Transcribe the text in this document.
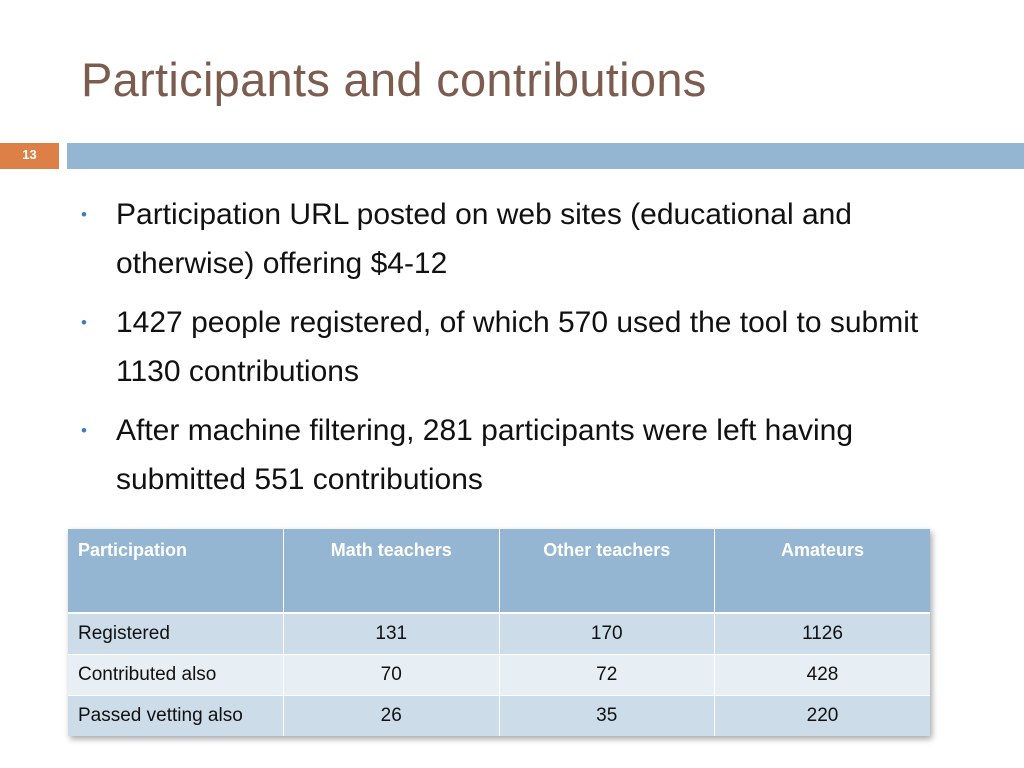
Participants and contributions
13
• Participation URL posted on web sites (educational and otherwise) offering $4-12
• 1427 people registered, of which 570 used the tool to submit 1130 contributions
• After machine filtering, 281 participants were left having submitted 551 contributions
Participation	Math teachers	Other teachers	Amateurs
Registered	131	170	1126
Contributed also	70	72	428
Passed vetting also	26	35	220
